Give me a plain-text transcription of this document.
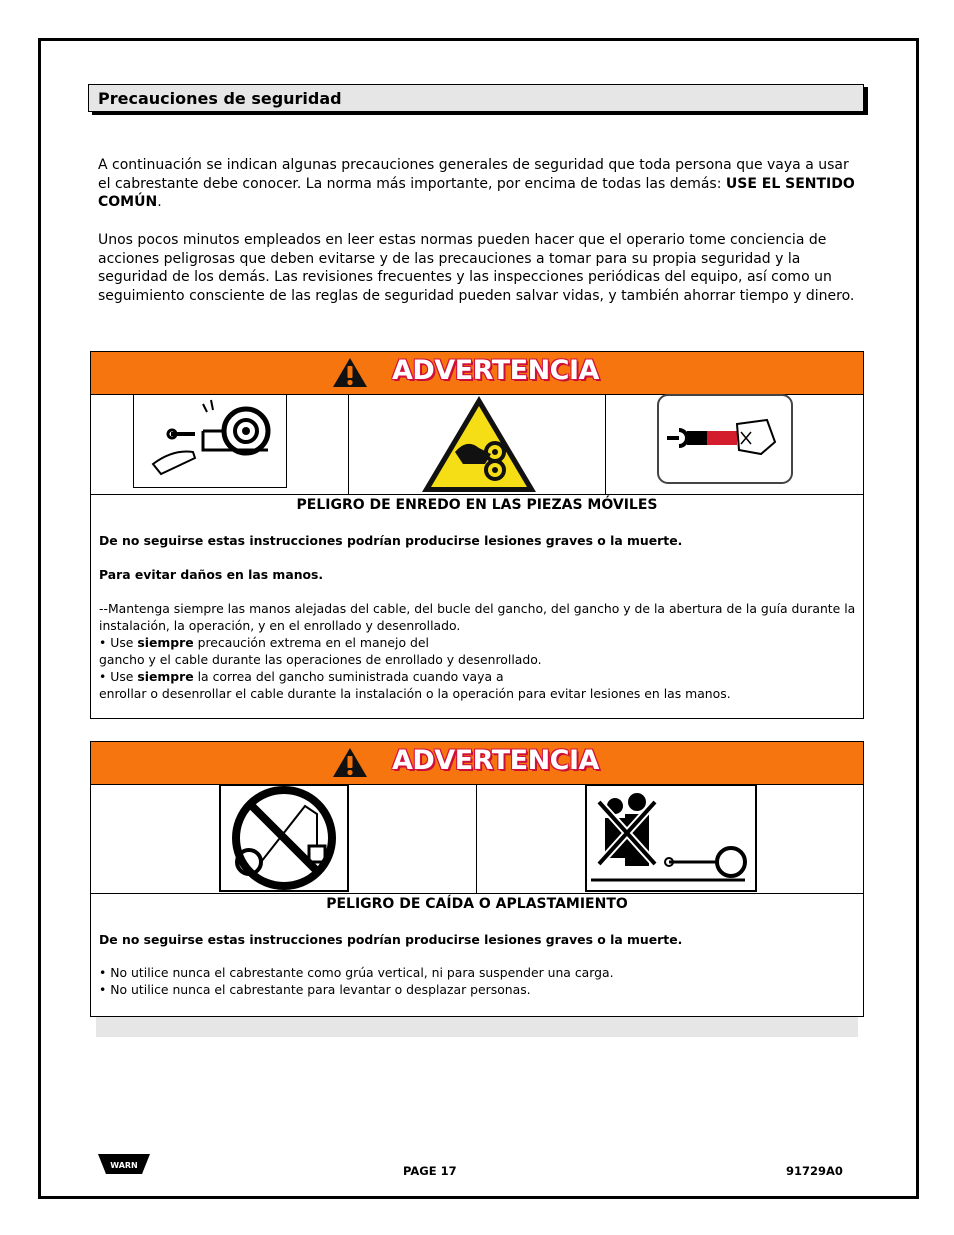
Precauciones de seguridad
A continuación se indican algunas precauciones generales de seguridad que toda persona que vaya a usar el cabrestante debe conocer. La norma más importante, por encima de todas las demás: USE EL SENTIDO COMÚN.
Unos pocos minutos empleados en leer estas normas pueden hacer que el operario tome conciencia de acciones peligrosas que deben evitarse y de las precauciones a tomar para su propia seguridad y la seguridad de los demás. Las revisiones frecuentes y las inspecciones periódicas del equipo, así como un seguimiento consciente de las reglas de seguridad pueden salvar vidas, y también ahorrar tiempo y dinero.
ADVERTENCIA
©1998 R.C.I., Inc. 800-748-0241 No. 1918D-WC
PELIGRO DE ENREDO EN LAS PIEZAS MÓVILES
De no seguirse estas instrucciones podrían producirse lesiones graves o la muerte.
Para evitar daños en las manos.
--Mantenga siempre las manos alejadas del cable, del bucle del gancho, del gancho y de la abertura de la guía durante la instalación, la operación, y en el enrollado y desenrollado.
• Use siempre precaución extrema en el manejo del
gancho y el cable durante las operaciones de enrollado y desenrollado.
• Use siempre la correa del gancho suministrada cuando vaya a
enrollar o desenrollar el cable durante la instalación o la operación para evitar lesiones en las manos.
ADVERTENCIA
PELIGRO DE CAÍDA O APLASTAMIENTO
De no seguirse estas instrucciones podrían producirse lesiones graves o la muerte.
• No utilice nunca el cabrestante como grúa vertical, ni para suspender una carga.
• No utilice nunca el cabrestante para levantar o desplazar personas.
WARN	PAGE 17	91729A0
